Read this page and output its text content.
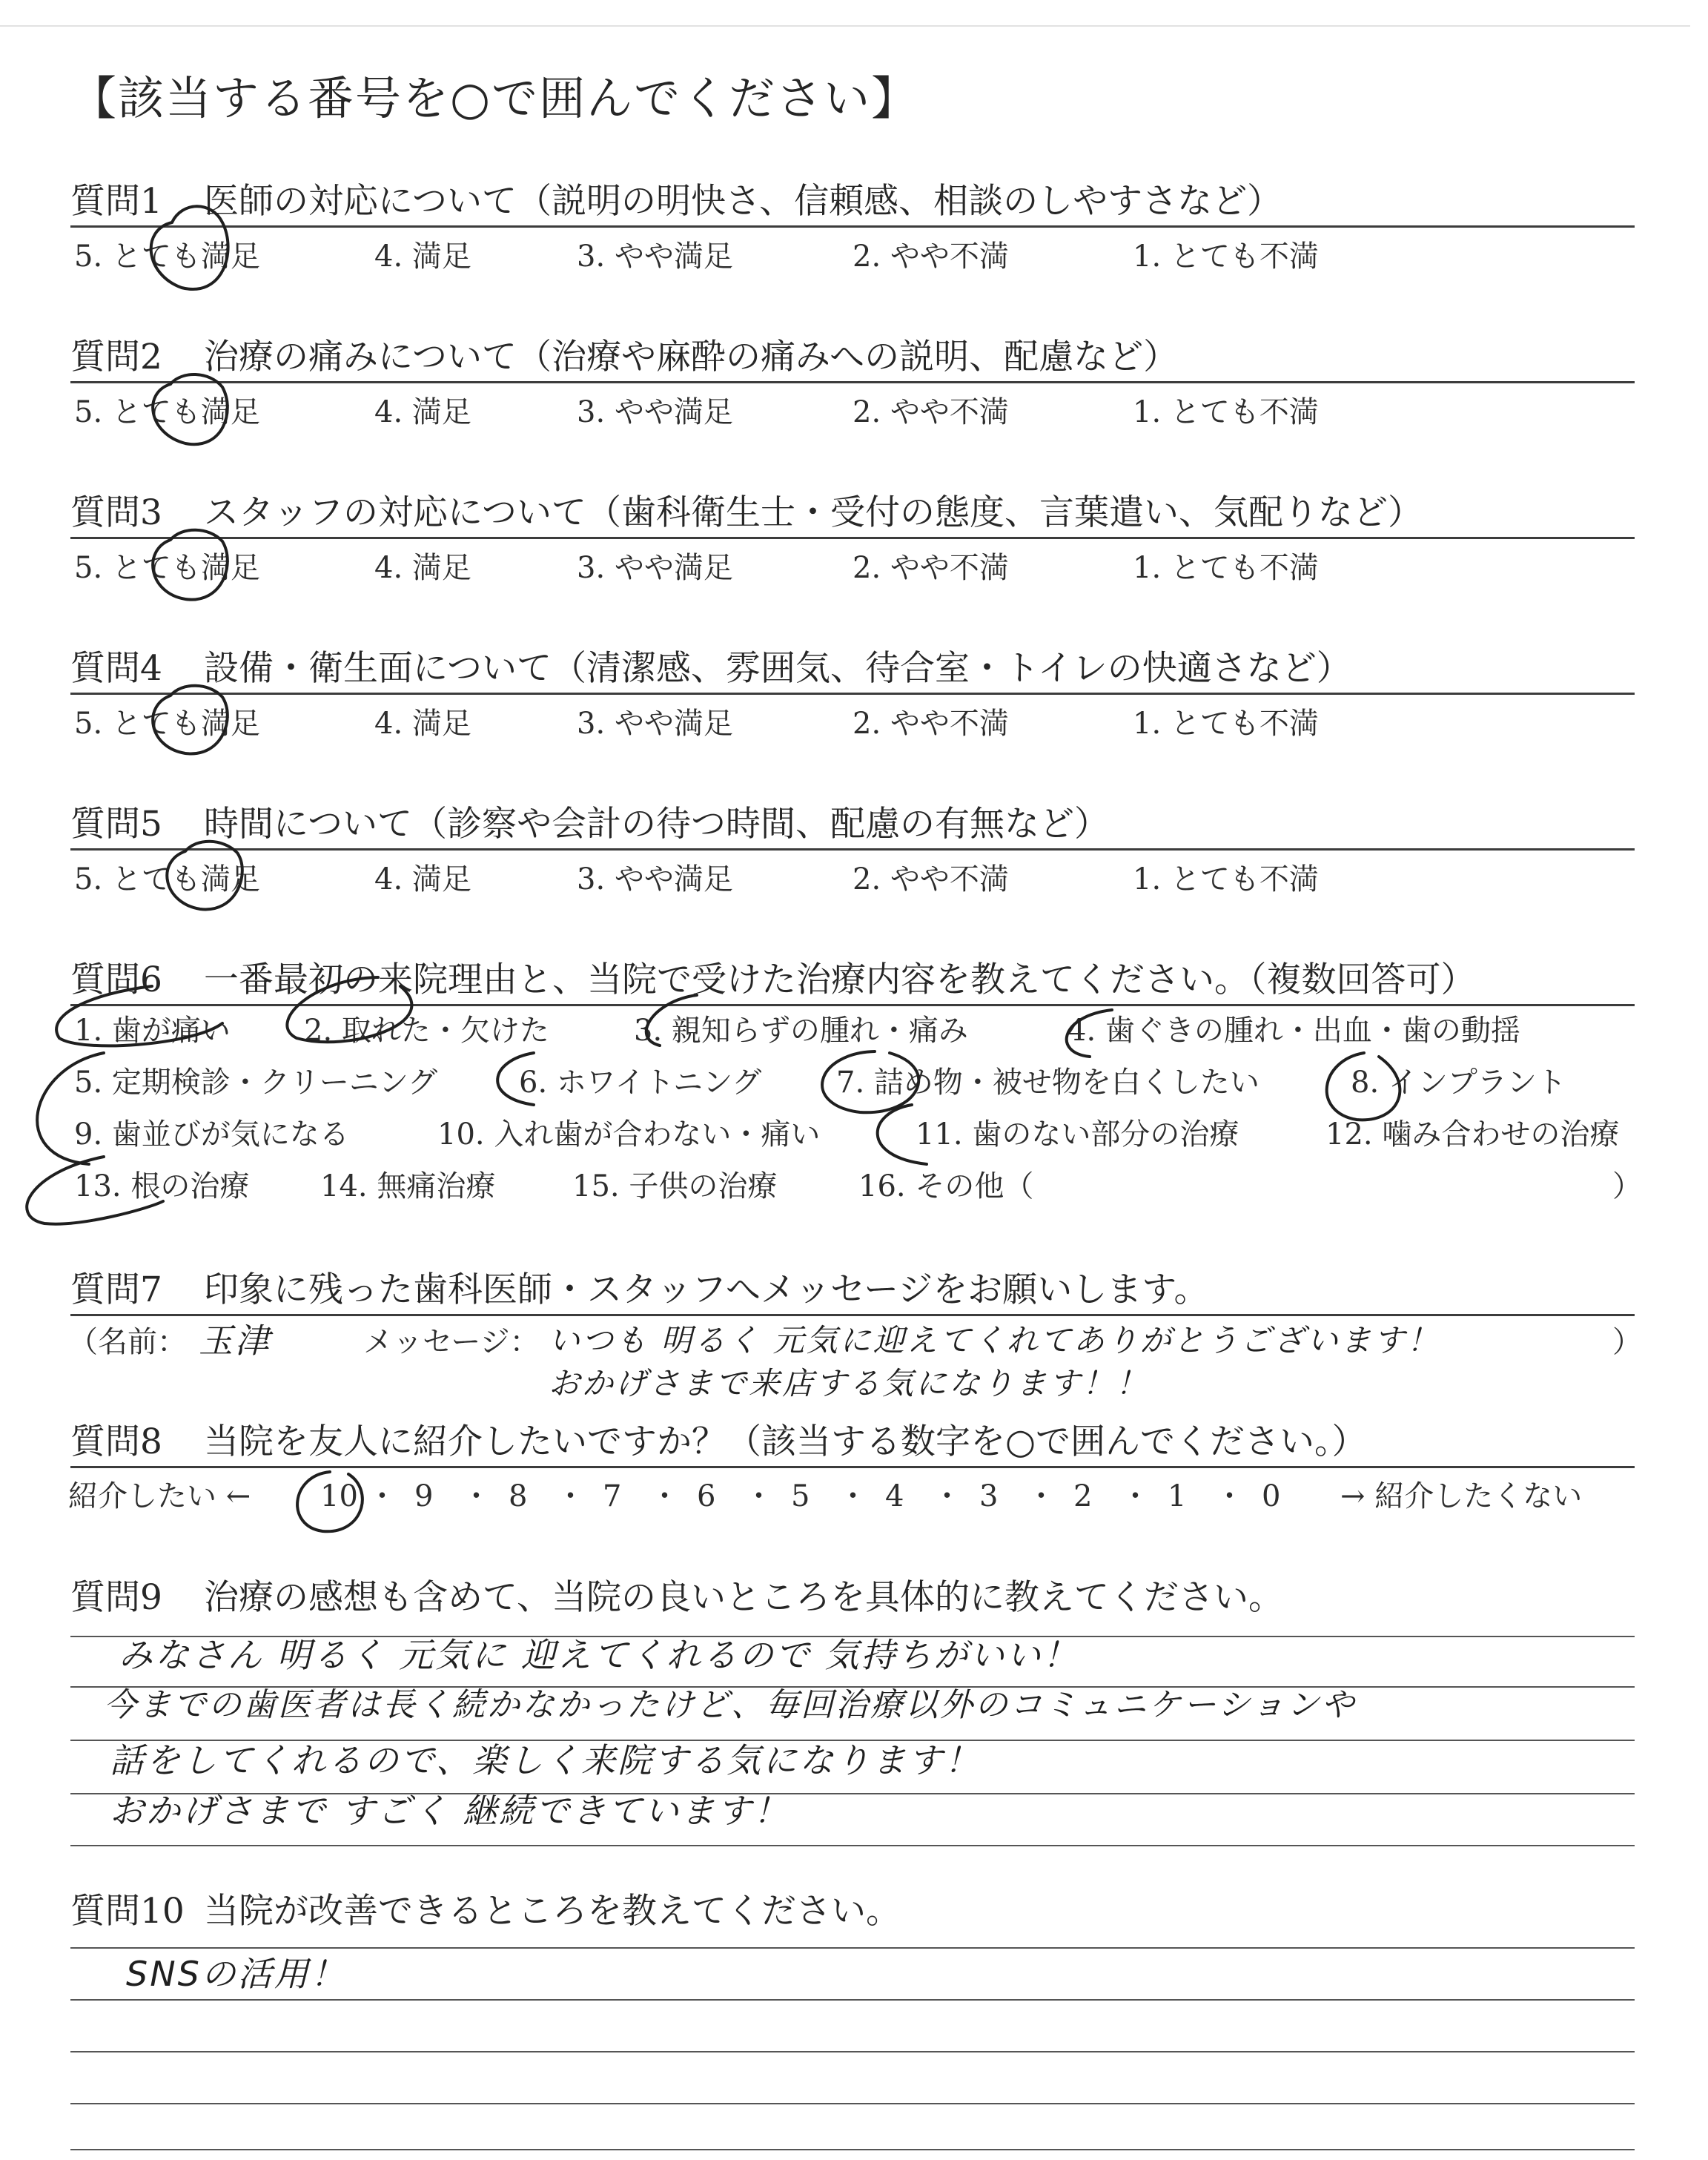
【該当する番号を○で囲んでください】
質問1 医師の対応について（説明の明快さ、信頼感、相談のしやすさなど）
5. とても満足	4. 満足	3. やや満足	2. やや不満	1. とても不満
質問2 治療の痛みについて（治療や麻酔の痛みへの説明、配慮など）
5. とても満足	4. 満足	3. やや満足	2. やや不満	1. とても不満
質問3 スタッフの対応について（歯科衛生士・受付の態度、言葉遣い、気配りなど）
5. とても満足	4. 満足	3. やや満足	2. やや不満	1. とても不満
質問4 設備・衛生面について（清潔感、雰囲気、待合室・トイレの快適さなど）
5. とても満足	4. 満足	3. やや満足	2. やや不満	1. とても不満
質問5 時間について（診察や会計の待つ時間、配慮の有無など）
5. とても満足	4. 満足	3. やや満足	2. やや不満	1. とても不満
質問6 一番最初の来院理由と、当院で受けた治療内容を教えてください。（複数回答可）
1. 歯が痛い 2. 取れた・欠けた	3. 親知らずの腫れ・痛み	4. 歯ぐきの腫れ・出血・歯の動揺
5. 定期検診・クリーニング	6. ホワイトニング	7. 詰め物・被せ物を白くしたい	8. インプラント
9. 歯並びが気になる	10. 入れ歯が合わない・痛い	11. 歯のない部分の治療	12. 噛み合わせの治療
13. 根の治療 14. 無痛治療	15. 子供の治療	16. その他（	）
質問7 印象に残った歯科医師・スタッフへメッセージをお願いします。
（名前： 玉津	メッセージ： いつも 明るく 元気に迎えてくれてありがとうございます！
おかげさまで来店する気になります！！
）
質問8 当院を友人に紹介したいですか？（該当する数字を○で囲んでください。）
紹介したい ← 10 ・ 9 ・ 8 ・ 7 ・ 6 ・ 5 ・ 4 ・ 3 ・ 2 ・ 1 ・ 0 → 紹介したくない
質問9 治療の感想も含めて、当院の良いところを具体的に教えてください。
みなさん 明るく 元気に 迎えてくれるので 気持ちがいい！
今までの歯医者は長く続かなかったけど、毎回治療以外のコミュニケーションや
話をしてくれるので、楽しく来院する気になります！
おかげさまで すごく 継続できています！
質問10 当院が改善できるところを教えてください。
SNSの活用！
